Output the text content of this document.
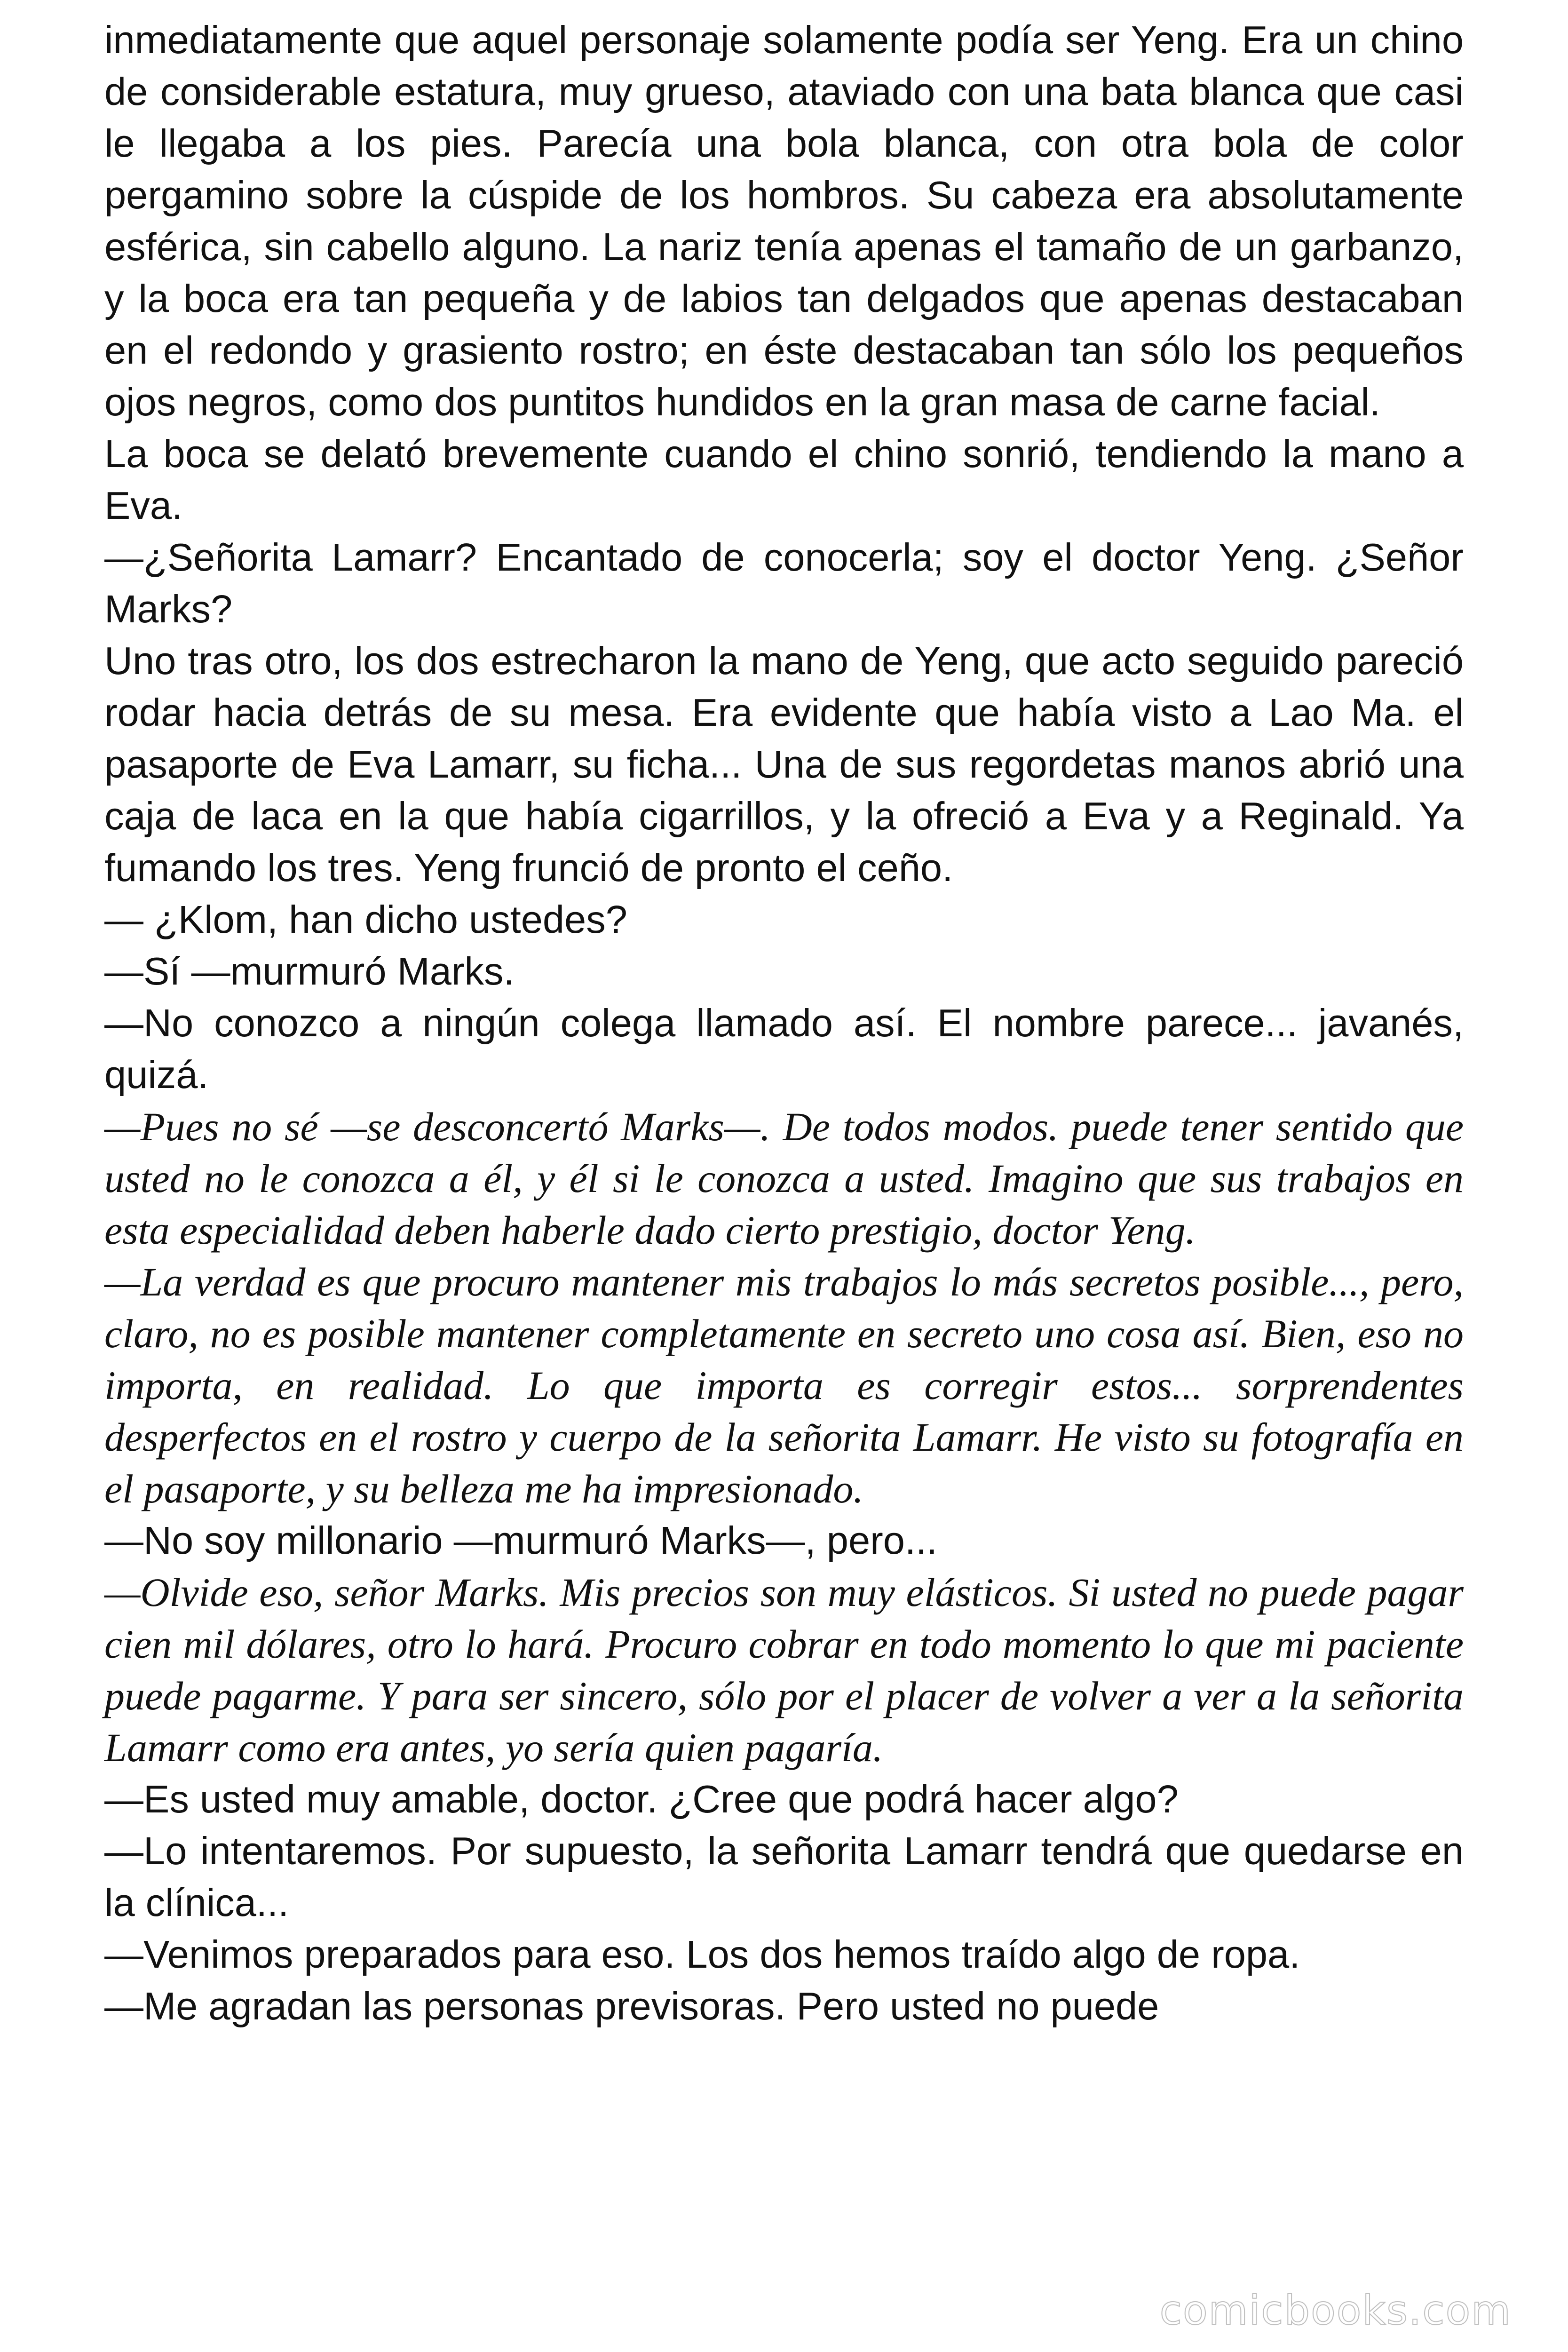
inmediatamente que aquel personaje solamente podía ser Yeng. Era un chino de considerable estatura, muy grueso, ataviado con una bata blanca que casi le llegaba a los pies. Parecía una bola blanca, con otra bola de color pergamino sobre la cúspide de los hombros. Su cabeza era absolutamente esférica, sin cabello alguno. La nariz tenía apenas el tamaño de un garbanzo, y la boca era tan pequeña y de labios tan delgados que apenas destacaban en el redondo y grasiento rostro; en éste destacaban tan sólo los pequeños ojos negros, como dos puntitos hundidos en la gran masa de carne facial.

La boca se delató brevemente cuando el chino sonrió, tendiendo la mano a Eva.

—¿Señorita Lamarr? Encantado de conocerla; soy el doctor Yeng. ¿Señor Marks?

Uno tras otro, los dos estrecharon la mano de Yeng, que acto seguido pareció rodar hacia detrás de su mesa. Era evidente que había visto a Lao Ma. el pasaporte de Eva Lamarr, su ficha... Una de sus regordetas manos abrió una caja de laca en la que había cigarrillos, y la ofreció a Eva y a Reginald. Ya fumando los tres. Yeng frunció de pronto el ceño.

— ¿Klom, han dicho ustedes?

—Sí —murmuró Marks.

—No conozco a ningún colega llamado así. El nombre parece... javanés, quizá.

—Pues no sé —se desconcertó Marks—. De todos modos. puede tener sentido que usted no le conozca a él, y él si le conozca a usted. Imagino que sus trabajos en esta especialidad deben haberle dado cierto prestigio, doctor Yeng.

—La verdad es que procuro mantener mis trabajos lo más secretos posible..., pero, claro, no es posible mantener completamente en secreto uno cosa así. Bien, eso no importa, en realidad. Lo que importa es corregir estos... sorprendentes desperfectos en el rostro y cuerpo de la señorita Lamarr. He visto su fotografía en el pasaporte, y su belleza me ha impresionado.

—No soy millonario —murmuró Marks—, pero...

—Olvide eso, señor Marks. Mis precios son muy elásticos. Si usted no puede pagar cien mil dólares, otro lo hará. Procuro cobrar en todo momento lo que mi paciente puede pagarme. Y para ser sincero, sólo por el placer de volver a ver a la señorita Lamarr como era antes, yo sería quien pagaría.

—Es usted muy amable, doctor. ¿Cree que podrá hacer algo?

—Lo intentaremos. Por supuesto, la señorita Lamarr tendrá que quedarse en la clínica...

—Venimos preparados para eso. Los dos hemos traído algo de ropa.

—Me agradan las personas previsoras. Pero usted no puede

comicbooks.com
